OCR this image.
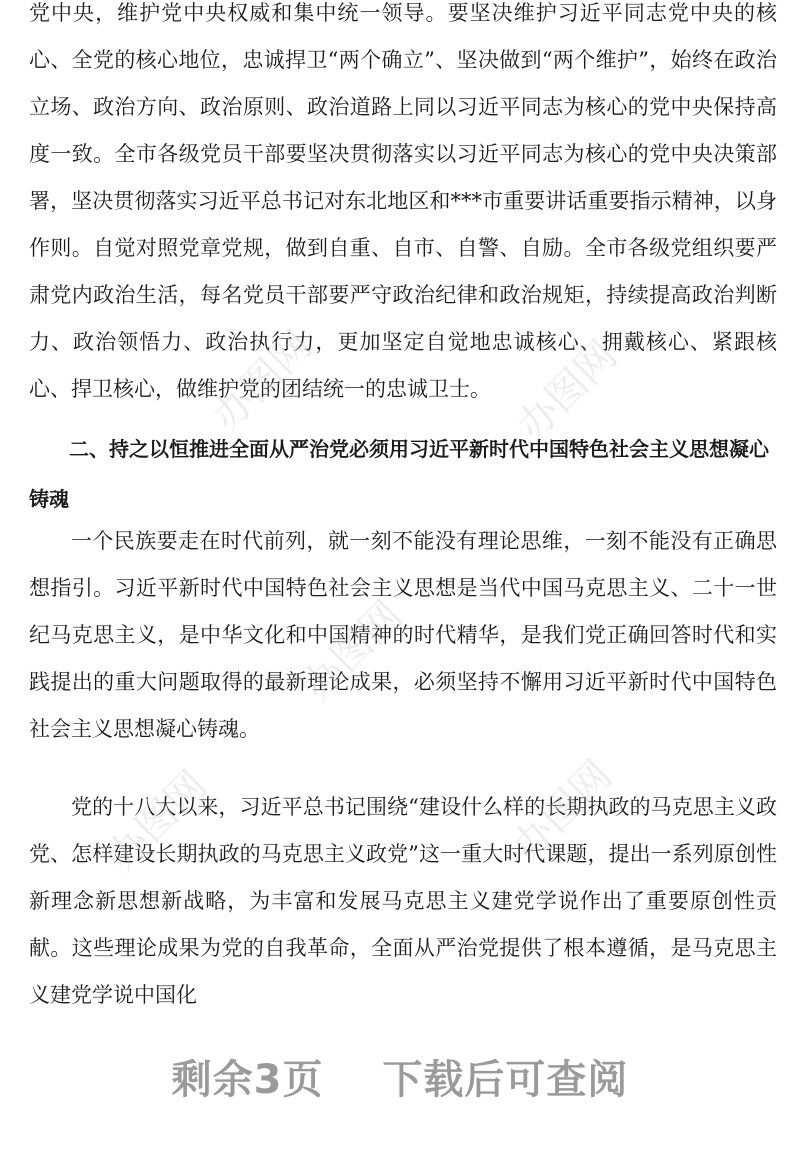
党中央，维护党中央权威和集中统一领导。要坚决维护习近平同志党中央的核心、全党的核心地位，忠诚捍卫“两个确立”、坚决做到“两个维护”，始终在政治立场、政治方向、政治原则、政治道路上同以习近平同志为核心的党中央保持高度一致。全市各级党员干部要坚决贯彻落实以习近平同志为核心的党中央决策部署，坚决贯彻落实习近平总书记对东北地区和***市重要讲话重要指示精神，以身作则。自觉对照党章党规，做到自重、自市、自警、自励。全市各级党组织要严肃党内政治生活，每名党员干部要严守政治纪律和政治规矩，持续提高政治判断力、政治领悟力、政治执行力，更加坚定自觉地忠诚核心、拥戴核心、紧跟核心、捍卫核心，做维护党的团结统一的忠诚卫士。
二、持之以恒推进全面从严治党必须用习近平新时代中国特色社会主义思想凝心铸魂
一个民族要走在时代前列，就一刻不能没有理论思维，一刻不能没有正确思想指引。习近平新时代中国特色社会主义思想是当代中国马克思主义、二十一世纪马克思主义，是中华文化和中国精神的时代精华，是我们党正确回答时代和实践提出的重大问题取得的最新理论成果，必须坚持不懈用习近平新时代中国特色社会主义思想凝心铸魂。
党的十八大以来，习近平总书记围绕“建设什么样的长期执政的马克思主义政党、怎样建设长期执政的马克思主义政党”这一重大时代课题，提出一系列原创性新理念新思想新战略，为丰富和发展马克思主义建党学说作出了重要原创性贡献。这些理论成果为党的自我革命，全面从严治党提供了根本遵循，是马克思主义建党学说中国化
办图网	办图网
办图网
办图网	办图网
剩余3页 下载后可查阅
